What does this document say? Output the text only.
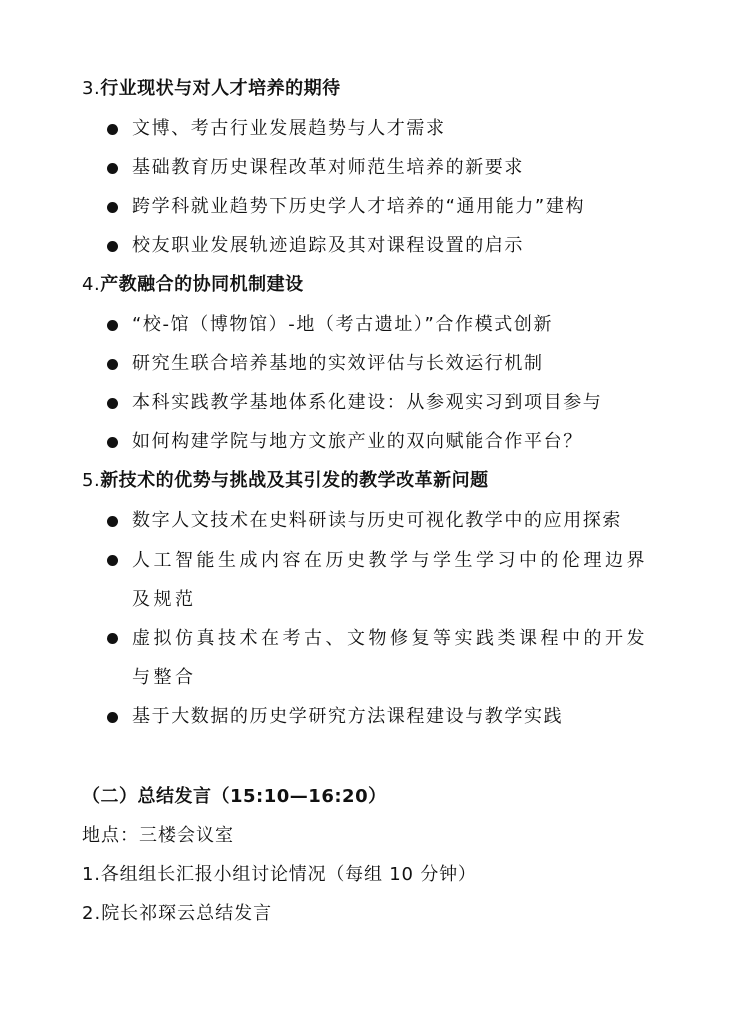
3.行业现状与对人才培养的期待
文博、考古行业发展趋势与人才需求
基础教育历史课程改革对师范生培养的新要求
跨学科就业趋势下历史学人才培养的“通用能力”建构
校友职业发展轨迹追踪及其对课程设置的启示
4.产教融合的协同机制建设
“校-馆（博物馆）-地（考古遗址）”合作模式创新
研究生联合培养基地的实效评估与长效运行机制
本科实践教学基地体系化建设：从参观实习到项目参与
如何构建学院与地方文旅产业的双向赋能合作平台？
5.新技术的优势与挑战及其引发的教学改革新问题
数字人文技术在史料研读与历史可视化教学中的应用探索
人工智能生成内容在历史教学与学生学习中的伦理边界及规范
虚拟仿真技术在考古、文物修复等实践类课程中的开发与整合
基于大数据的历史学研究方法课程建设与教学实践
（二）总结发言（15:10—16:20）
地点：三楼会议室
1.各组组长汇报小组讨论情况（每组 10 分钟）
2.院长祁琛云总结发言
